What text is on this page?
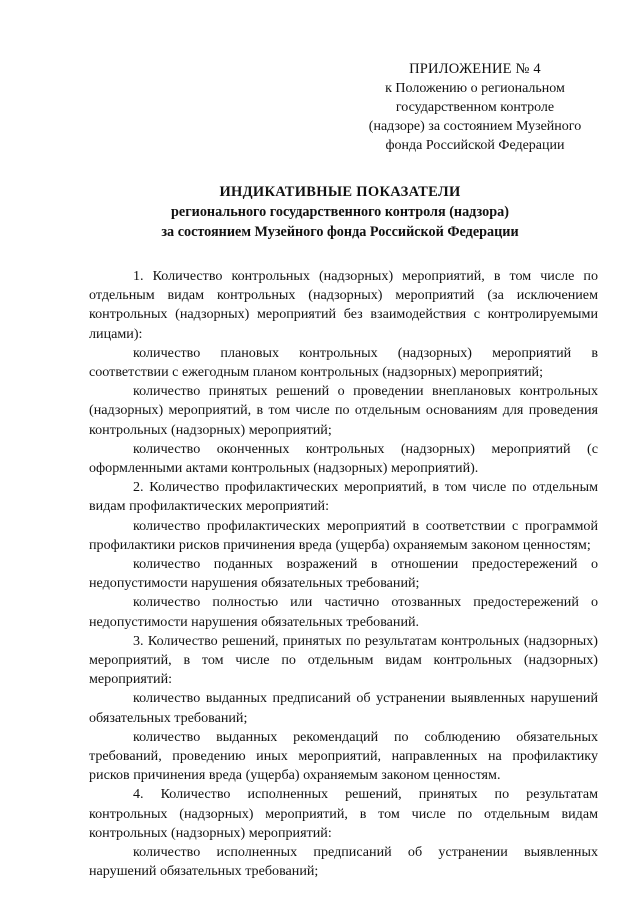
ПРИЛОЖЕНИЕ № 4
к Положению о региональном
государственном контроле
(надзоре) за состоянием Музейного
фонда Российской Федерации
ИНДИКАТИВНЫЕ ПОКАЗАТЕЛИ
регионального государственного контроля (надзора)
за состоянием Музейного фонда Российской Федерации

1. Количество контрольных (надзорных) мероприятий, в том числе по отдельным видам контрольных (надзорных) мероприятий (за исключением контрольных (надзорных) мероприятий без взаимодействия с контролируемыми лицами):

количество плановых контрольных (надзорных) мероприятий в соответствии с ежегодным планом контрольных (надзорных) мероприятий;

количество принятых решений о проведении внеплановых контрольных (надзорных) мероприятий, в том числе по отдельным основаниям для проведения контрольных (надзорных) мероприятий;

количество оконченных контрольных (надзорных) мероприятий (с оформленными актами контрольных (надзорных) мероприятий).

2. Количество профилактических мероприятий, в том числе по отдельным видам профилактических мероприятий:

количество профилактических мероприятий в соответствии с программой профилактики рисков причинения вреда (ущерба) охраняемым законом ценностям;

количество поданных возражений в отношении предостережений о недопустимости нарушения обязательных требований;

количество полностью или частично отозванных предостережений о недопустимости нарушения обязательных требований.

3. Количество решений, принятых по результатам контрольных (надзорных) мероприятий, в том числе по отдельным видам контрольных (надзорных) мероприятий:

количество выданных предписаний об устранении выявленных нарушений обязательных требований;

количество выданных рекомендаций по соблюдению обязательных требований, проведению иных мероприятий, направленных на профилактику рисков причинения вреда (ущерба) охраняемым законом ценностям.

4. Количество исполненных решений, принятых по результатам контрольных (надзорных) мероприятий, в том числе по отдельным видам контрольных (надзорных) мероприятий:

количество исполненных предписаний об устранении выявленных нарушений обязательных требований;
